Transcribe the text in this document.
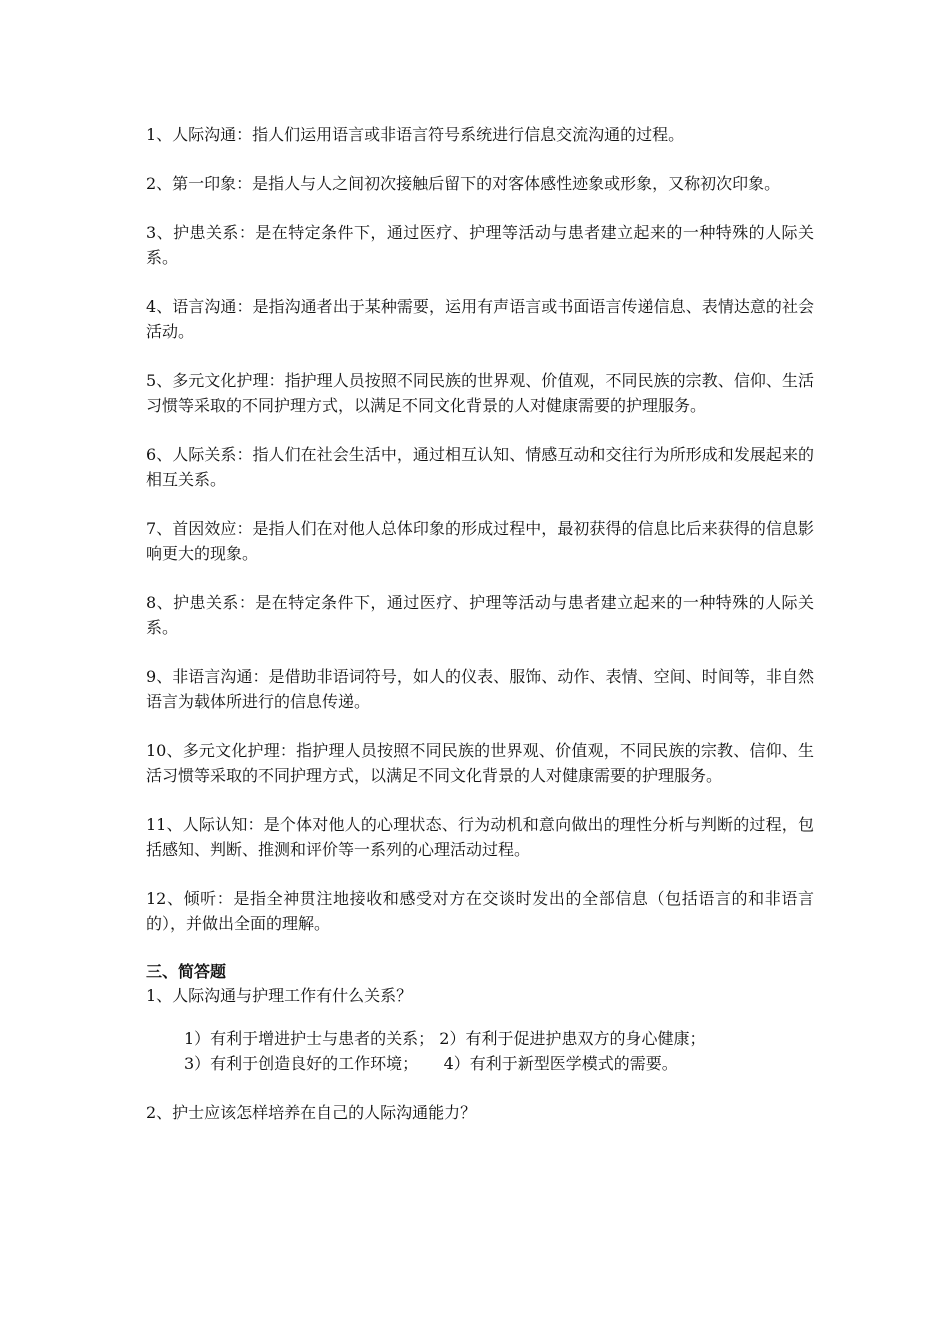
1、人际沟通：指人们运用语言或非语言符号系统进行信息交流沟通的过程。

2、第一印象：是指人与人之间初次接触后留下的对客体感性迹象或形象，又称初次印象。

3、护患关系：是在特定条件下，通过医疗、护理等活动与患者建立起来的一种特殊的人际关系。

4、语言沟通：是指沟通者出于某种需要，运用有声语言或书面语言传递信息、表情达意的社会活动。

5、多元文化护理：指护理人员按照不同民族的世界观、价值观，不同民族的宗教、信仰、生活习惯等采取的不同护理方式，以满足不同文化背景的人对健康需要的护理服务。

6、人际关系：指人们在社会生活中，通过相互认知、情感互动和交往行为所形成和发展起来的相互关系。

7、首因效应：是指人们在对他人总体印象的形成过程中，最初获得的信息比后来获得的信息影响更大的现象。

8、护患关系：是在特定条件下，通过医疗、护理等活动与患者建立起来的一种特殊的人际关系。

9、非语言沟通：是借助非语词符号，如人的仪表、服饰、动作、表情、空间、时间等，非自然语言为载体所进行的信息传递。

10、多元文化护理：指护理人员按照不同民族的世界观、价值观，不同民族的宗教、信仰、生活习惯等采取的不同护理方式，以满足不同文化背景的人对健康需要的护理服务。

11、人际认知：是个体对他人的心理状态、行为动机和意向做出的理性分析与判断的过程，包括感知、判断、推测和评价等一系列的心理活动过程。

12、倾听：是指全神贯注地接收和感受对方在交谈时发出的全部信息（包括语言的和非语言的），并做出全面的理解。

三、简答题

1、人际沟通与护理工作有什么关系？

1）有利于增进护士与患者的关系； 2）有利于促进护患双方的身心健康；

3）有利于创造良好的工作环境；     4）有利于新型医学模式的需要。

2、护士应该怎样培养在自己的人际沟通能力？
